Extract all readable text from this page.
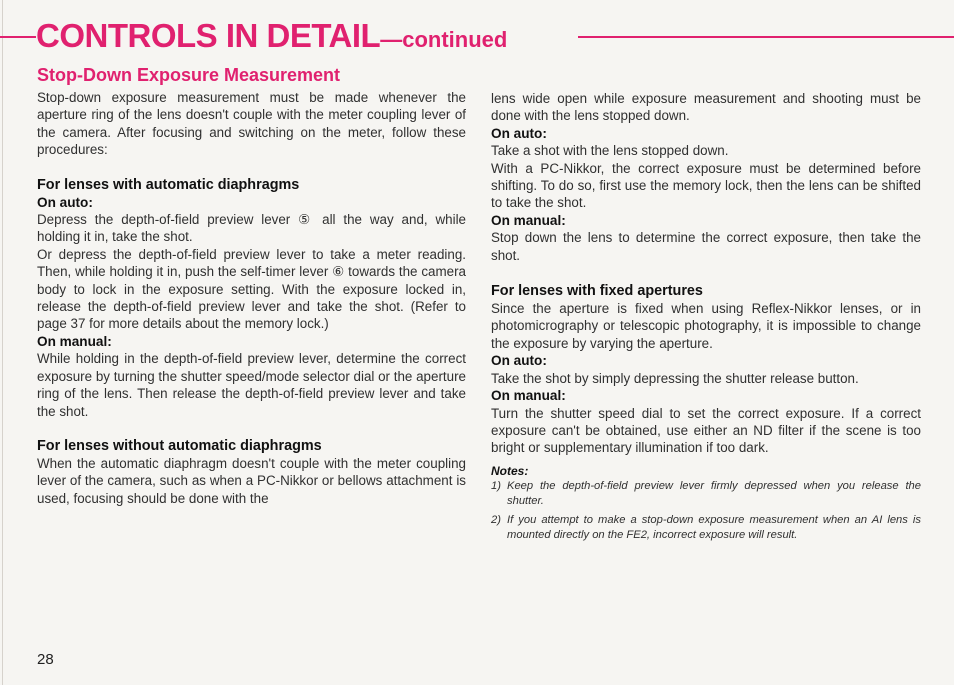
CONTROLS IN DETAIL—continued
Stop-Down Exposure Measurement

Stop-down exposure measurement must be made whenever the aperture ring of the lens doesn't couple with the meter coupling lever of the camera. After focusing and switching on the meter, follow these procedures:

For lenses with automatic diaphragms

On auto:

Depress the depth-of-field preview lever ⑤ all the way and, while holding it in, take the shot.

Or depress the depth-of-field preview lever to take a meter reading. Then, while holding it in, push the self-timer lever ⑥ towards the camera body to lock in the exposure setting. With the exposure locked in, release the depth-of-field preview lever and take the shot. (Refer to page 37 for more details about the memory lock.)

On manual:

While holding in the depth-of-field preview lever, determine the correct exposure by turning the shutter speed/mode selector dial or the aperture ring of the lens. Then release the depth-of-field preview lever and take the shot.

For lenses without automatic diaphragms

When the automatic diaphragm doesn't couple with the meter coupling lever of the camera, such as when a PC-Nikkor or bellows attachment is used, focusing should be done with the

lens wide open while exposure measurement and shooting must be done with the lens stopped down.

On auto:

Take a shot with the lens stopped down.

With a PC-Nikkor, the correct exposure must be determined before shifting. To do so, first use the memory lock, then the lens can be shifted to take the shot.

On manual:

Stop down the lens to determine the correct exposure, then take the shot.

For lenses with fixed apertures

Since the aperture is fixed when using Reflex-Nikkor lenses, or in photomicrography or telescopic photography, it is impossible to change the exposure by varying the aperture.

On auto:

Take the shot by simply depressing the shutter release button.

On manual:

Turn the shutter speed dial to set the correct exposure. If a correct exposure can't be obtained, use either an ND filter if the scene is too bright or supplementary illumination if too dark.

Notes:

1) Keep the depth-of-field preview lever firmly depressed when you release the shutter.
2) If you attempt to make a stop-down exposure measurement when an AI lens is mounted directly on the FE2, incorrect exposure will result.
28
